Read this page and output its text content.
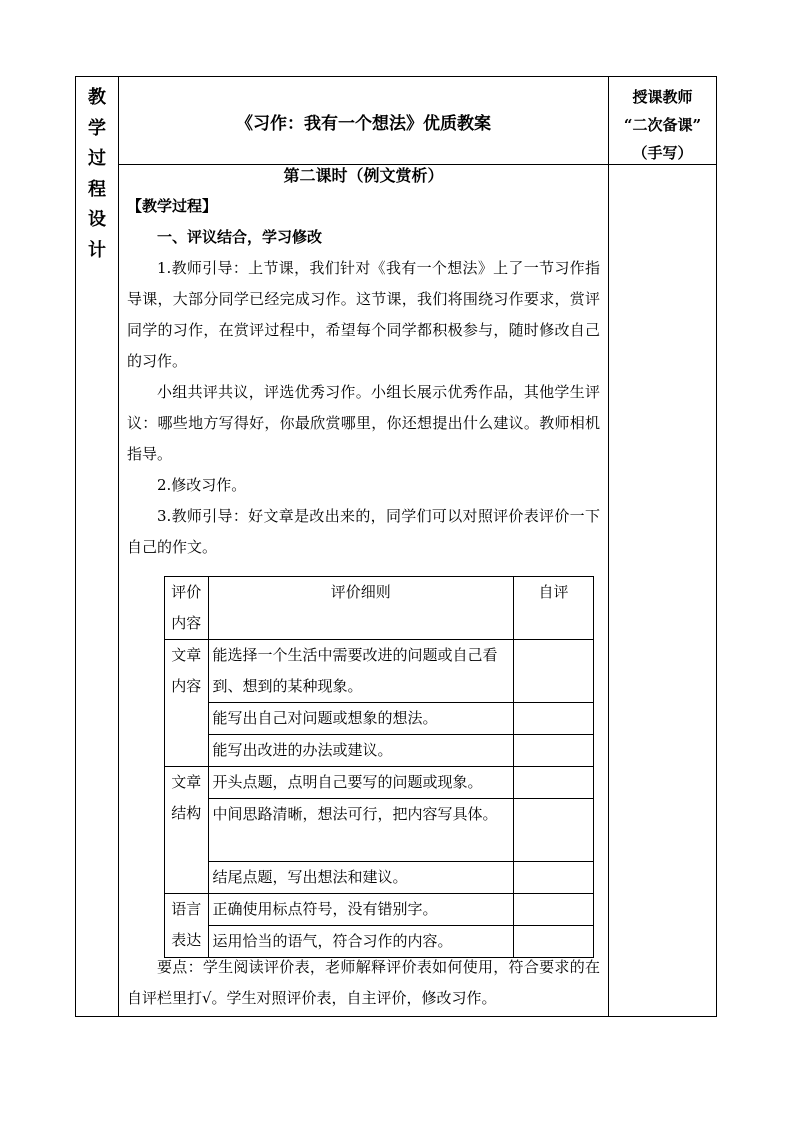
教
学
过
程
设
计
《习作：我有一个想法》优质教案
授课教师
“二次备课”
（手写）
第二课时（例文赏析）

【教学过程】

一、评议结合，学习修改

1.教师引导：上节课，我们针对《我有一个想法》上了一节习作指导课，大部分同学已经完成习作。这节课，我们将围绕习作要求，赏评同学的习作，在赏评过程中，希望每个同学都积极参与，随时修改自己的习作。

小组共评共议，评选优秀习作。小组长展示优秀作品，其他学生评议：哪些地方写得好，你最欣赏哪里，你还想提出什么建议。教师相机指导。

2.修改习作。

3.教师引导：好文章是改出来的，同学们可以对照评价表评价一下自己的作文。

评价内容	评价细则	自评
文章内容	能选择一个生活中需要改进的问题或自己看到、想到的某种现象。	
	能写出自己对问题或想象的想法。	
	能写出改进的办法或建议。	
文章结构	开头点题，点明自己要写的问题或现象。	
	中间思路清晰，想法可行，把内容写具体。	
	结尾点题，写出想法和建议。	
语言表达	正确使用标点符号，没有错别字。	
	运用恰当的语气，符合习作的内容。	

要点：学生阅读评价表，老师解释评价表如何使用，符合要求的在自评栏里打√。学生对照评价表，自主评价，修改习作。
